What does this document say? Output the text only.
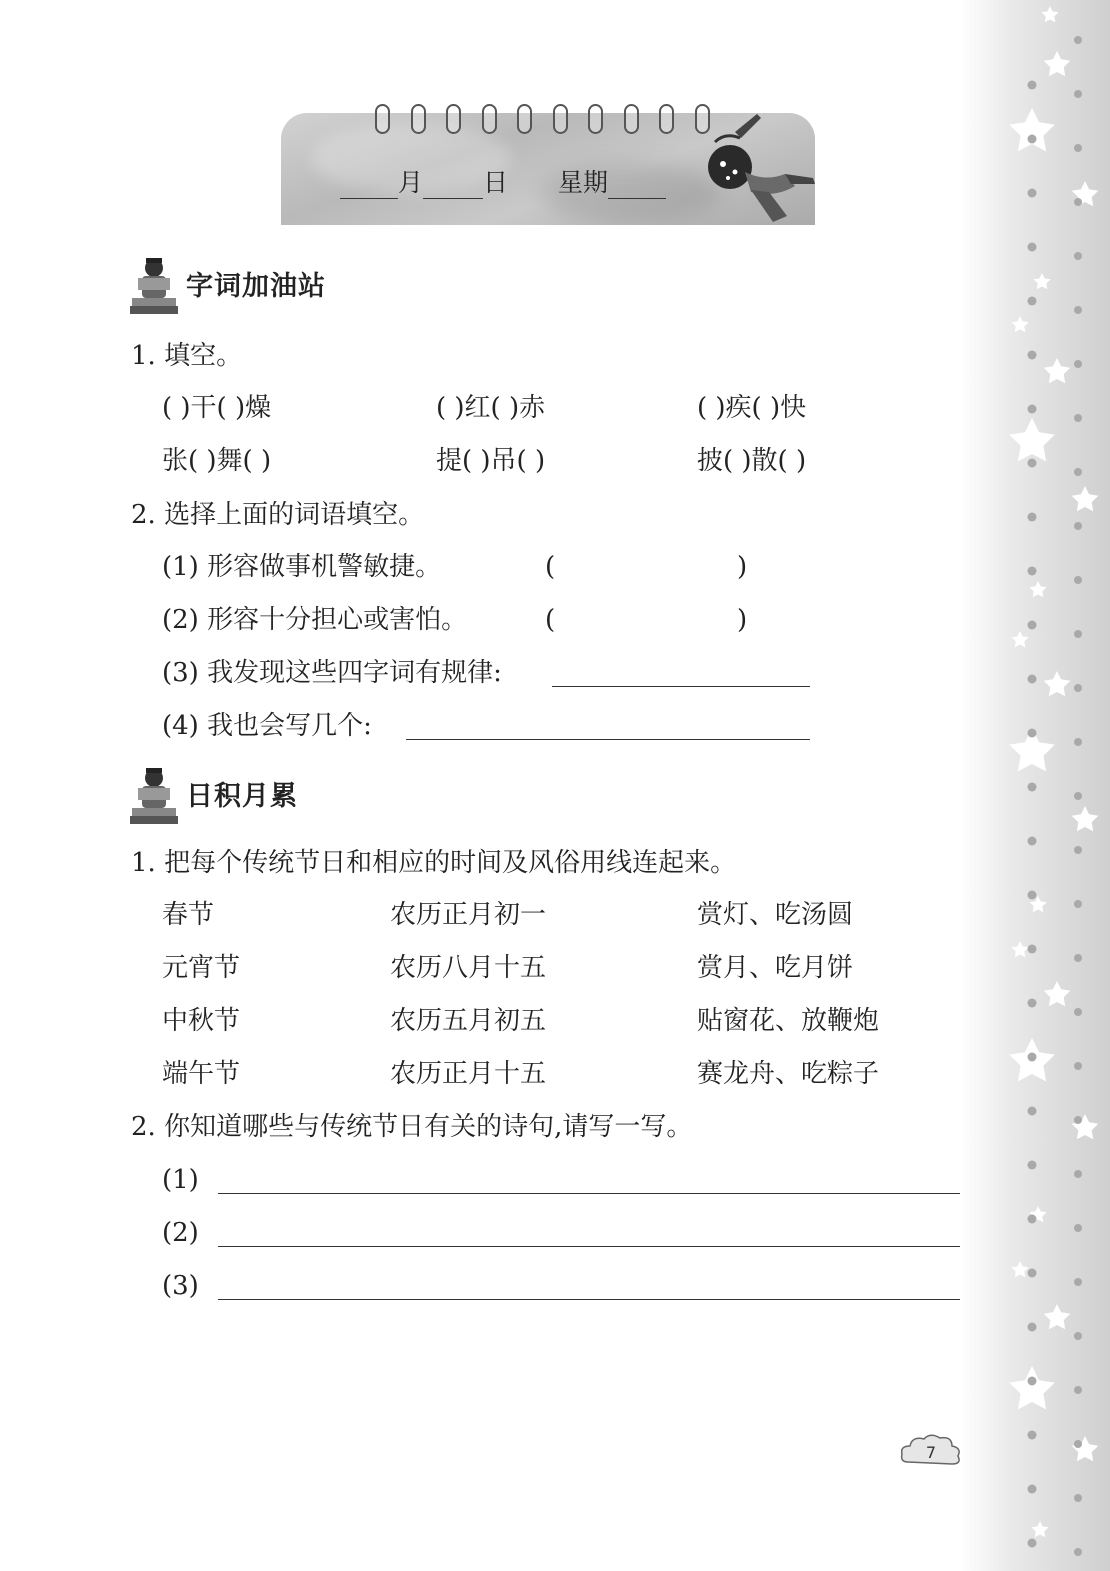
月 日 星期
字词加油站
1. 填空。
( )干( )燥	( )红( )赤	( )疾( )快
张( )舞( )	提( )吊( )	披( )散( )
2. 选择上面的词语填空。
(1) 形容做事机警敏捷。	(                      )
(2) 形容十分担心或害怕。	(                      )
(3) 我发现这些四字词有规律:
(4) 我也会写几个:
日积月累
1. 把每个传统节日和相应的时间及风俗用线连起来。
春节	农历正月初一	赏灯、吃汤圆
元宵节	农历八月十五	赏月、吃月饼
中秋节	农历五月初五	贴窗花、放鞭炮
端午节	农历正月十五	赛龙舟、吃粽子
2. 你知道哪些与传统节日有关的诗句,请写一写。
(1)
(2)
(3)
7
